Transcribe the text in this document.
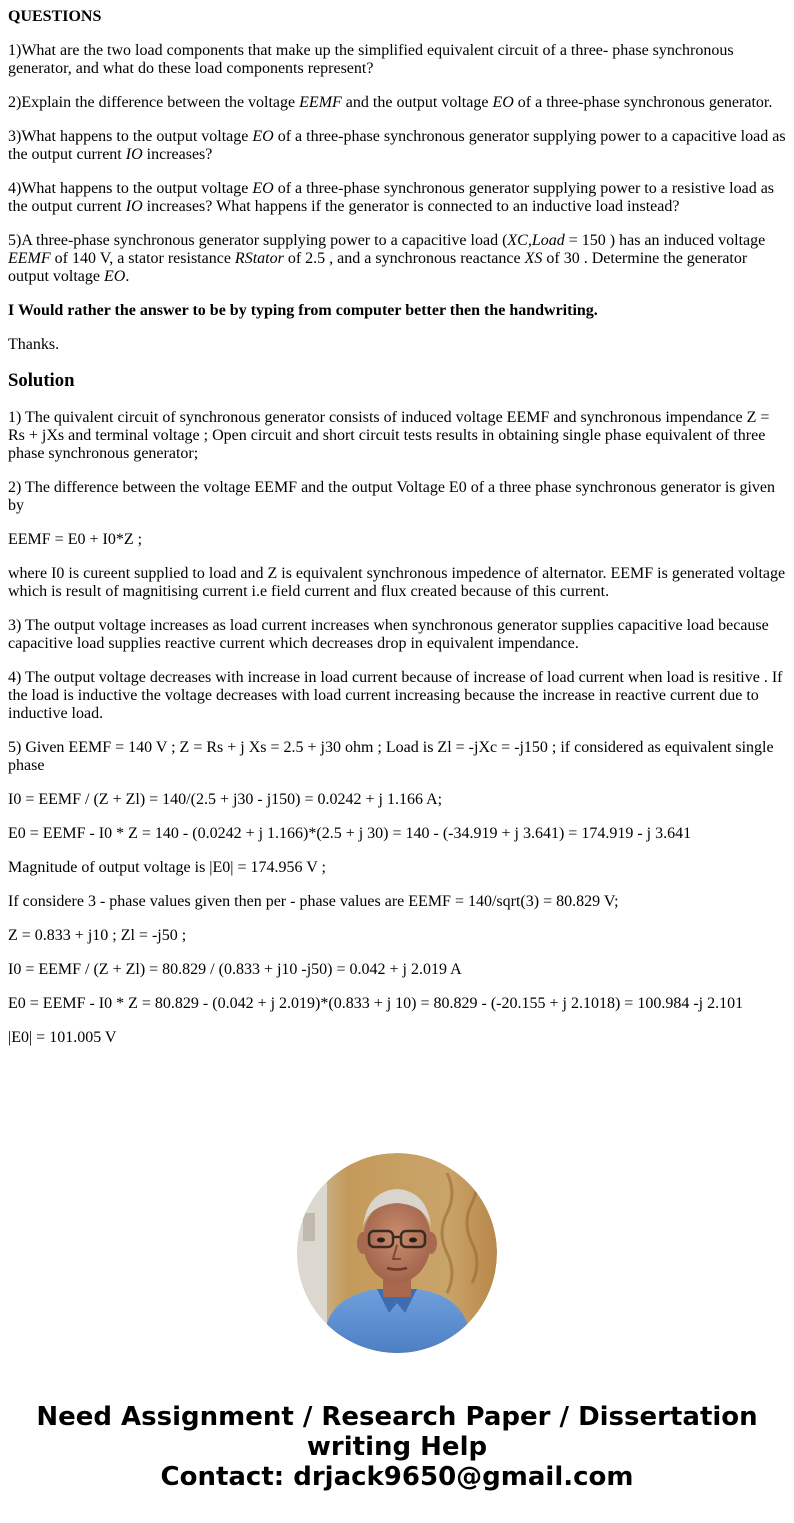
QUESTIONS

1)What are the two load components that make up the simplified equivalent circuit of a three- phase synchronous generator, and what do these load components represent?

2)Explain the difference between the voltage EEMF and the output voltage EO of a three-phase synchronous generator.

3)What happens to the output voltage EO of a three-phase synchronous generator supplying power to a capacitive load as the output current IO increases?

4)What happens to the output voltage EO of a three-phase synchronous generator supplying power to a resistive load as the output current IO increases? What happens if the generator is connected to an inductive load instead?

5)A three-phase synchronous generator supplying power to a capacitive load (XC,Load = 150 ) has an induced voltage EEMF of 140 V, a stator resistance RStator of 2.5 , and a synchronous reactance XS of 30 . Determine the generator output voltage EO.

I Would rather the answer to be by typing from computer better then the handwriting.

Thanks.

Solution

1) The quivalent circuit of synchronous generator consists of induced voltage EEMF and synchronous impendance Z = Rs + jXs and terminal voltage ; Open circuit and short circuit tests results in obtaining single phase equivalent of three phase synchronous generator;

2) The difference between the voltage EEMF and the output Voltage E0 of a three phase synchronous generator is given by

EEMF = E0 + I0*Z ;

where I0 is cureent supplied to load and Z is equivalent synchronous impedence of alternator. EEMF is generated voltage which is result of magnitising current i.e field current and flux created because of this current.

3) The output voltage increases as load current increases when synchronous generator supplies capacitive load because capacitive load supplies reactive current which decreases drop in equivalent impendance.

4) The output voltage decreases with increase in load current because of increase of load current when load is resitive . If the load is inductive the voltage decreases with load current increasing because the increase in reactive current due to inductive load.

5) Given EEMF = 140 V ; Z = Rs + j Xs = 2.5 + j30 ohm ; Load is Zl = -jXc = -j150 ; if considered as equivalent single phase

I0 = EEMF / (Z + Zl) = 140/(2.5 + j30 - j150) = 0.0242 + j 1.166 A;

E0 = EEMF - I0 * Z = 140 - (0.0242 + j 1.166)*(2.5 + j 30) = 140 - (-34.919 + j 3.641) = 174.919 - j 3.641

Magnitude of output voltage is |E0| = 174.956 V ;

If considere 3 - phase values given then per - phase values are EEMF = 140/sqrt(3) = 80.829 V;

Z = 0.833 + j10 ; Zl = -j50 ;

I0 = EEMF / (Z + Zl) = 80.829 / (0.833 + j10 -j50) = 0.042 + j 2.019 A

E0 = EEMF - I0 * Z = 80.829 - (0.042 + j 2.019)*(0.833 + j 10) = 80.829 - (-20.155 + j 2.1018) = 100.984 -j 2.101

|E0| = 101.005 V

Need Assignment / Research Paper / Dissertation
writing Help
Contact: drjack9650@gmail.com
